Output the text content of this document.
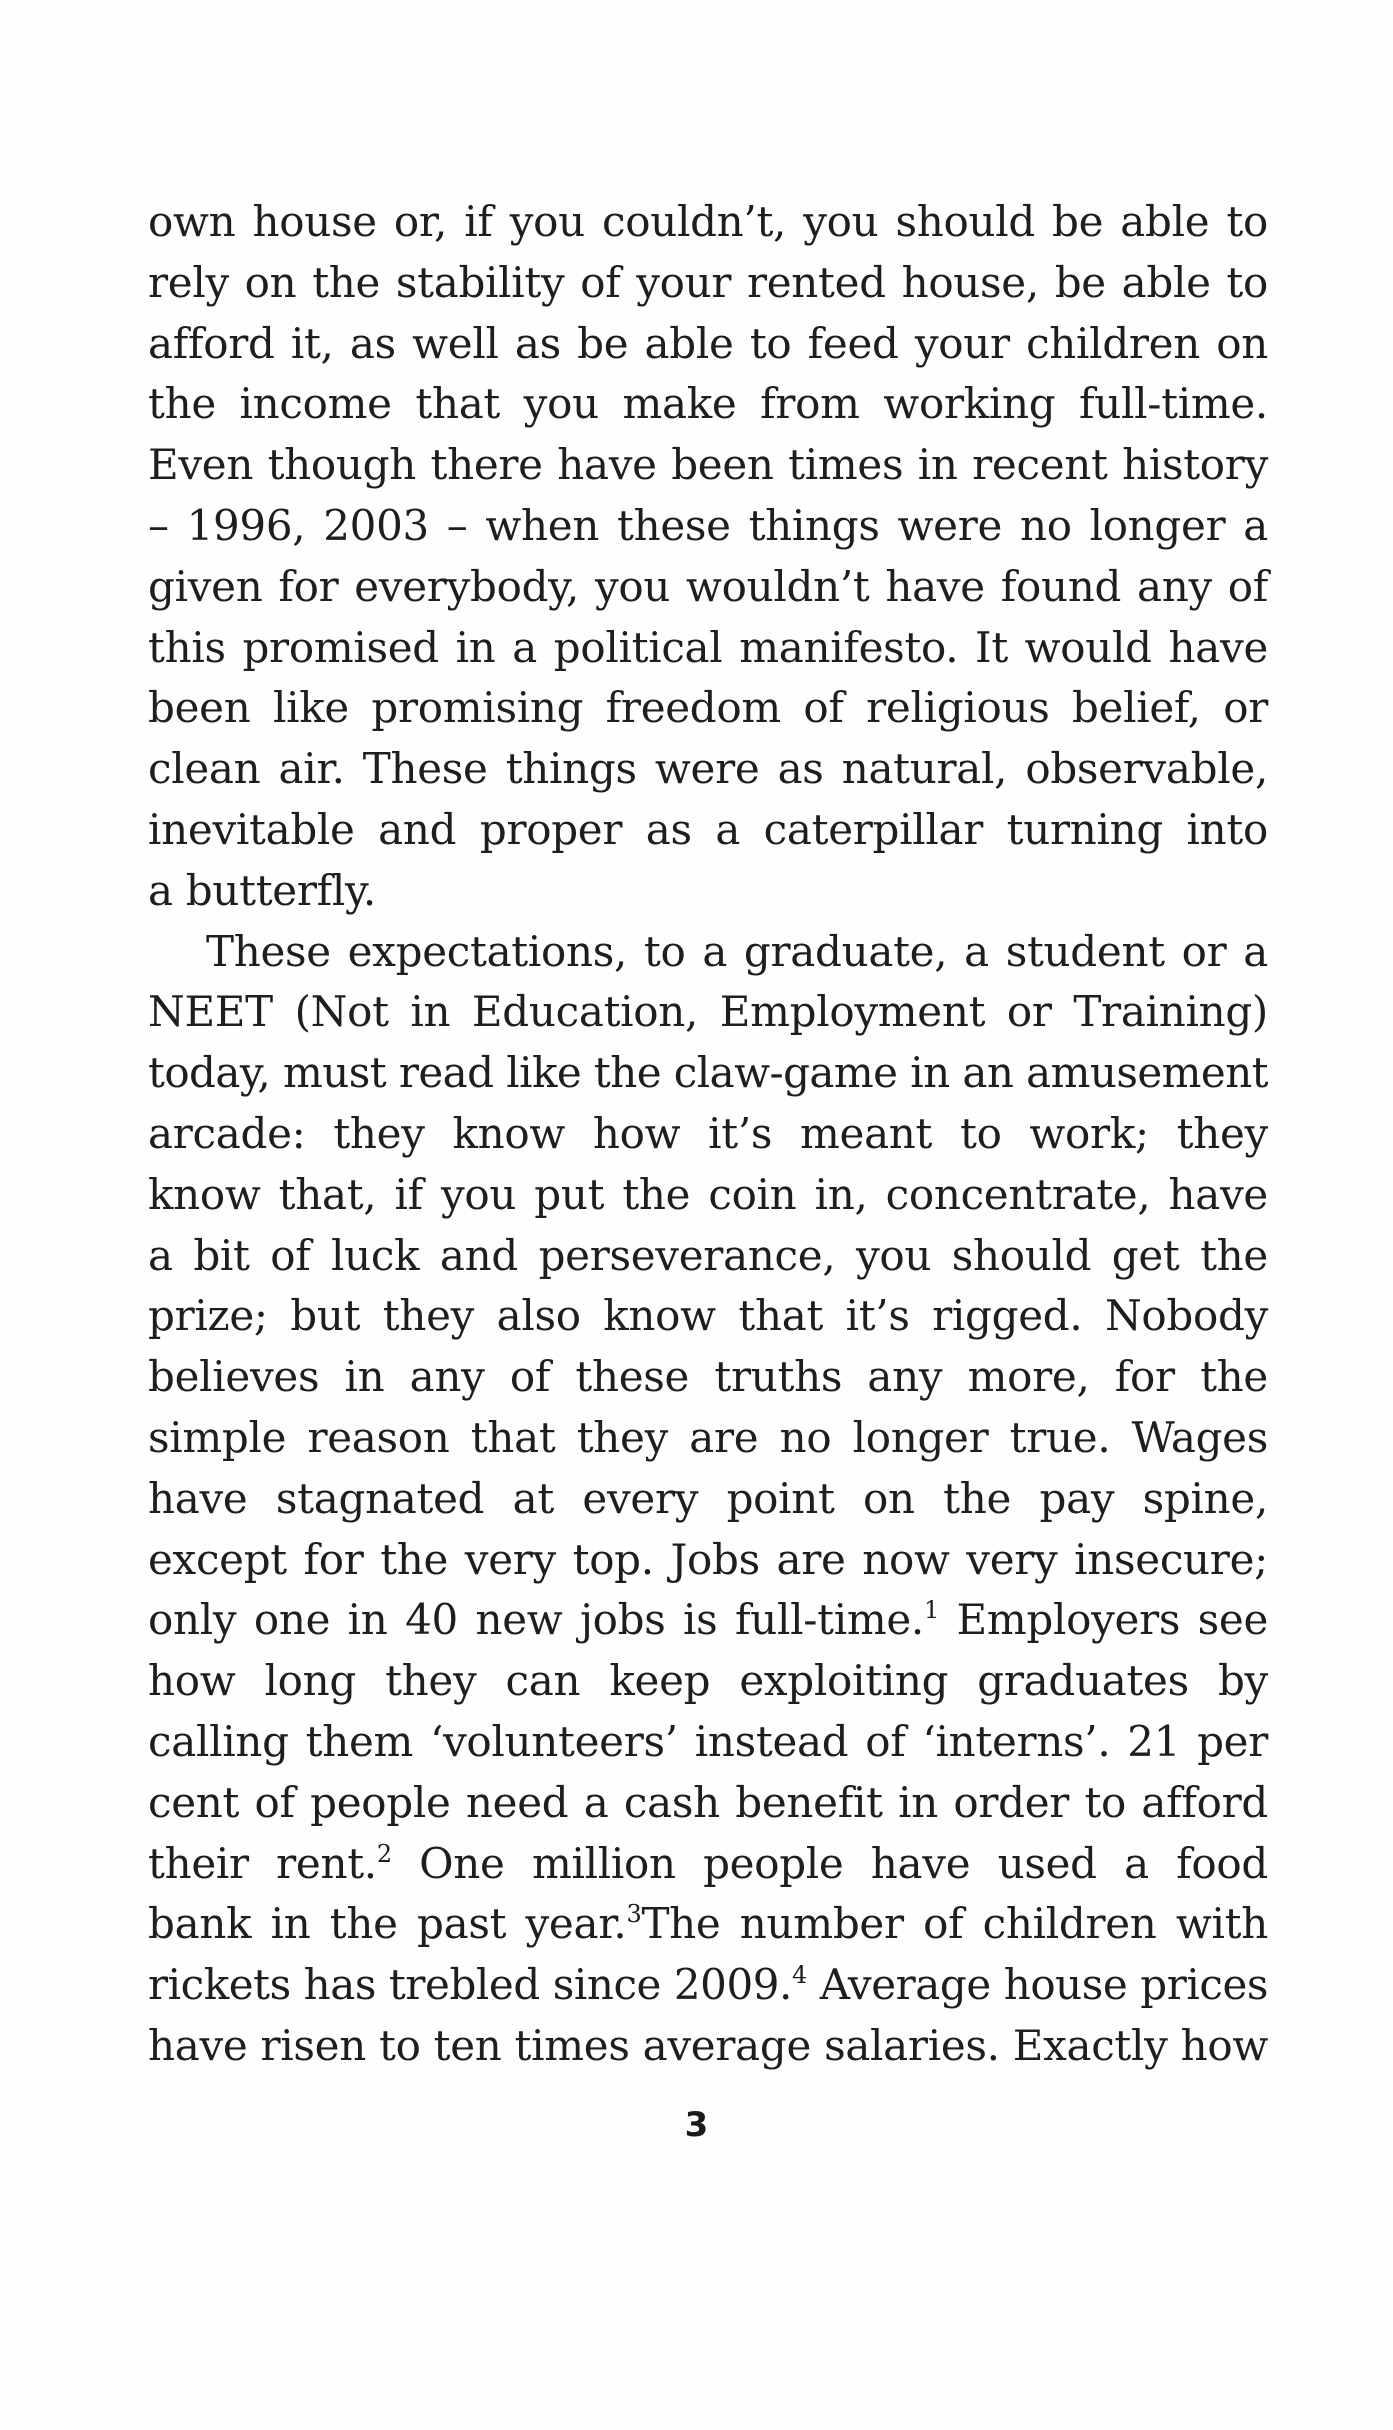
own house or, if you couldn’t, you should be able to
rely on the stability of your rented house, be able to
afford it, as well as be able to feed your children on
the income that you make from working full-time.
Even though there have been times in recent history
– 1996, 2003 – when these things were no longer a
given for everybody, you wouldn’t have found any of
this promised in a political manifesto. It would have
been like promising freedom of religious belief, or
clean air. These things were as natural, observable,
inevitable and proper as a caterpillar turning into
a butterfly.
These expectations, to a graduate, a student or a
NEET (Not in Education, Employment or Training)
today, must read like the claw-game in an amusement
arcade: they know how it’s meant to work; they
know that, if you put the coin in, concentrate, have
a bit of luck and perseverance, you should get the
prize; but they also know that it’s rigged. Nobody
believes in any of these truths any more, for the
simple reason that they are no longer true. Wages
have stagnated at every point on the pay spine,
except for the very top. Jobs are now very insecure;
only one in 40 new jobs is full-time.$^1$ Employers see
how long they can keep exploiting graduates by
calling them ‘volunteers’ instead of ‘interns’. 21 per
cent of people need a cash benefit in order to afford
their rent.$^2$ One million people have used a food
bank in the past year.$^3$The number of children with
rickets has trebled since 2009.$^4$ Average house prices
have risen to ten times average salaries. Exactly how
3
